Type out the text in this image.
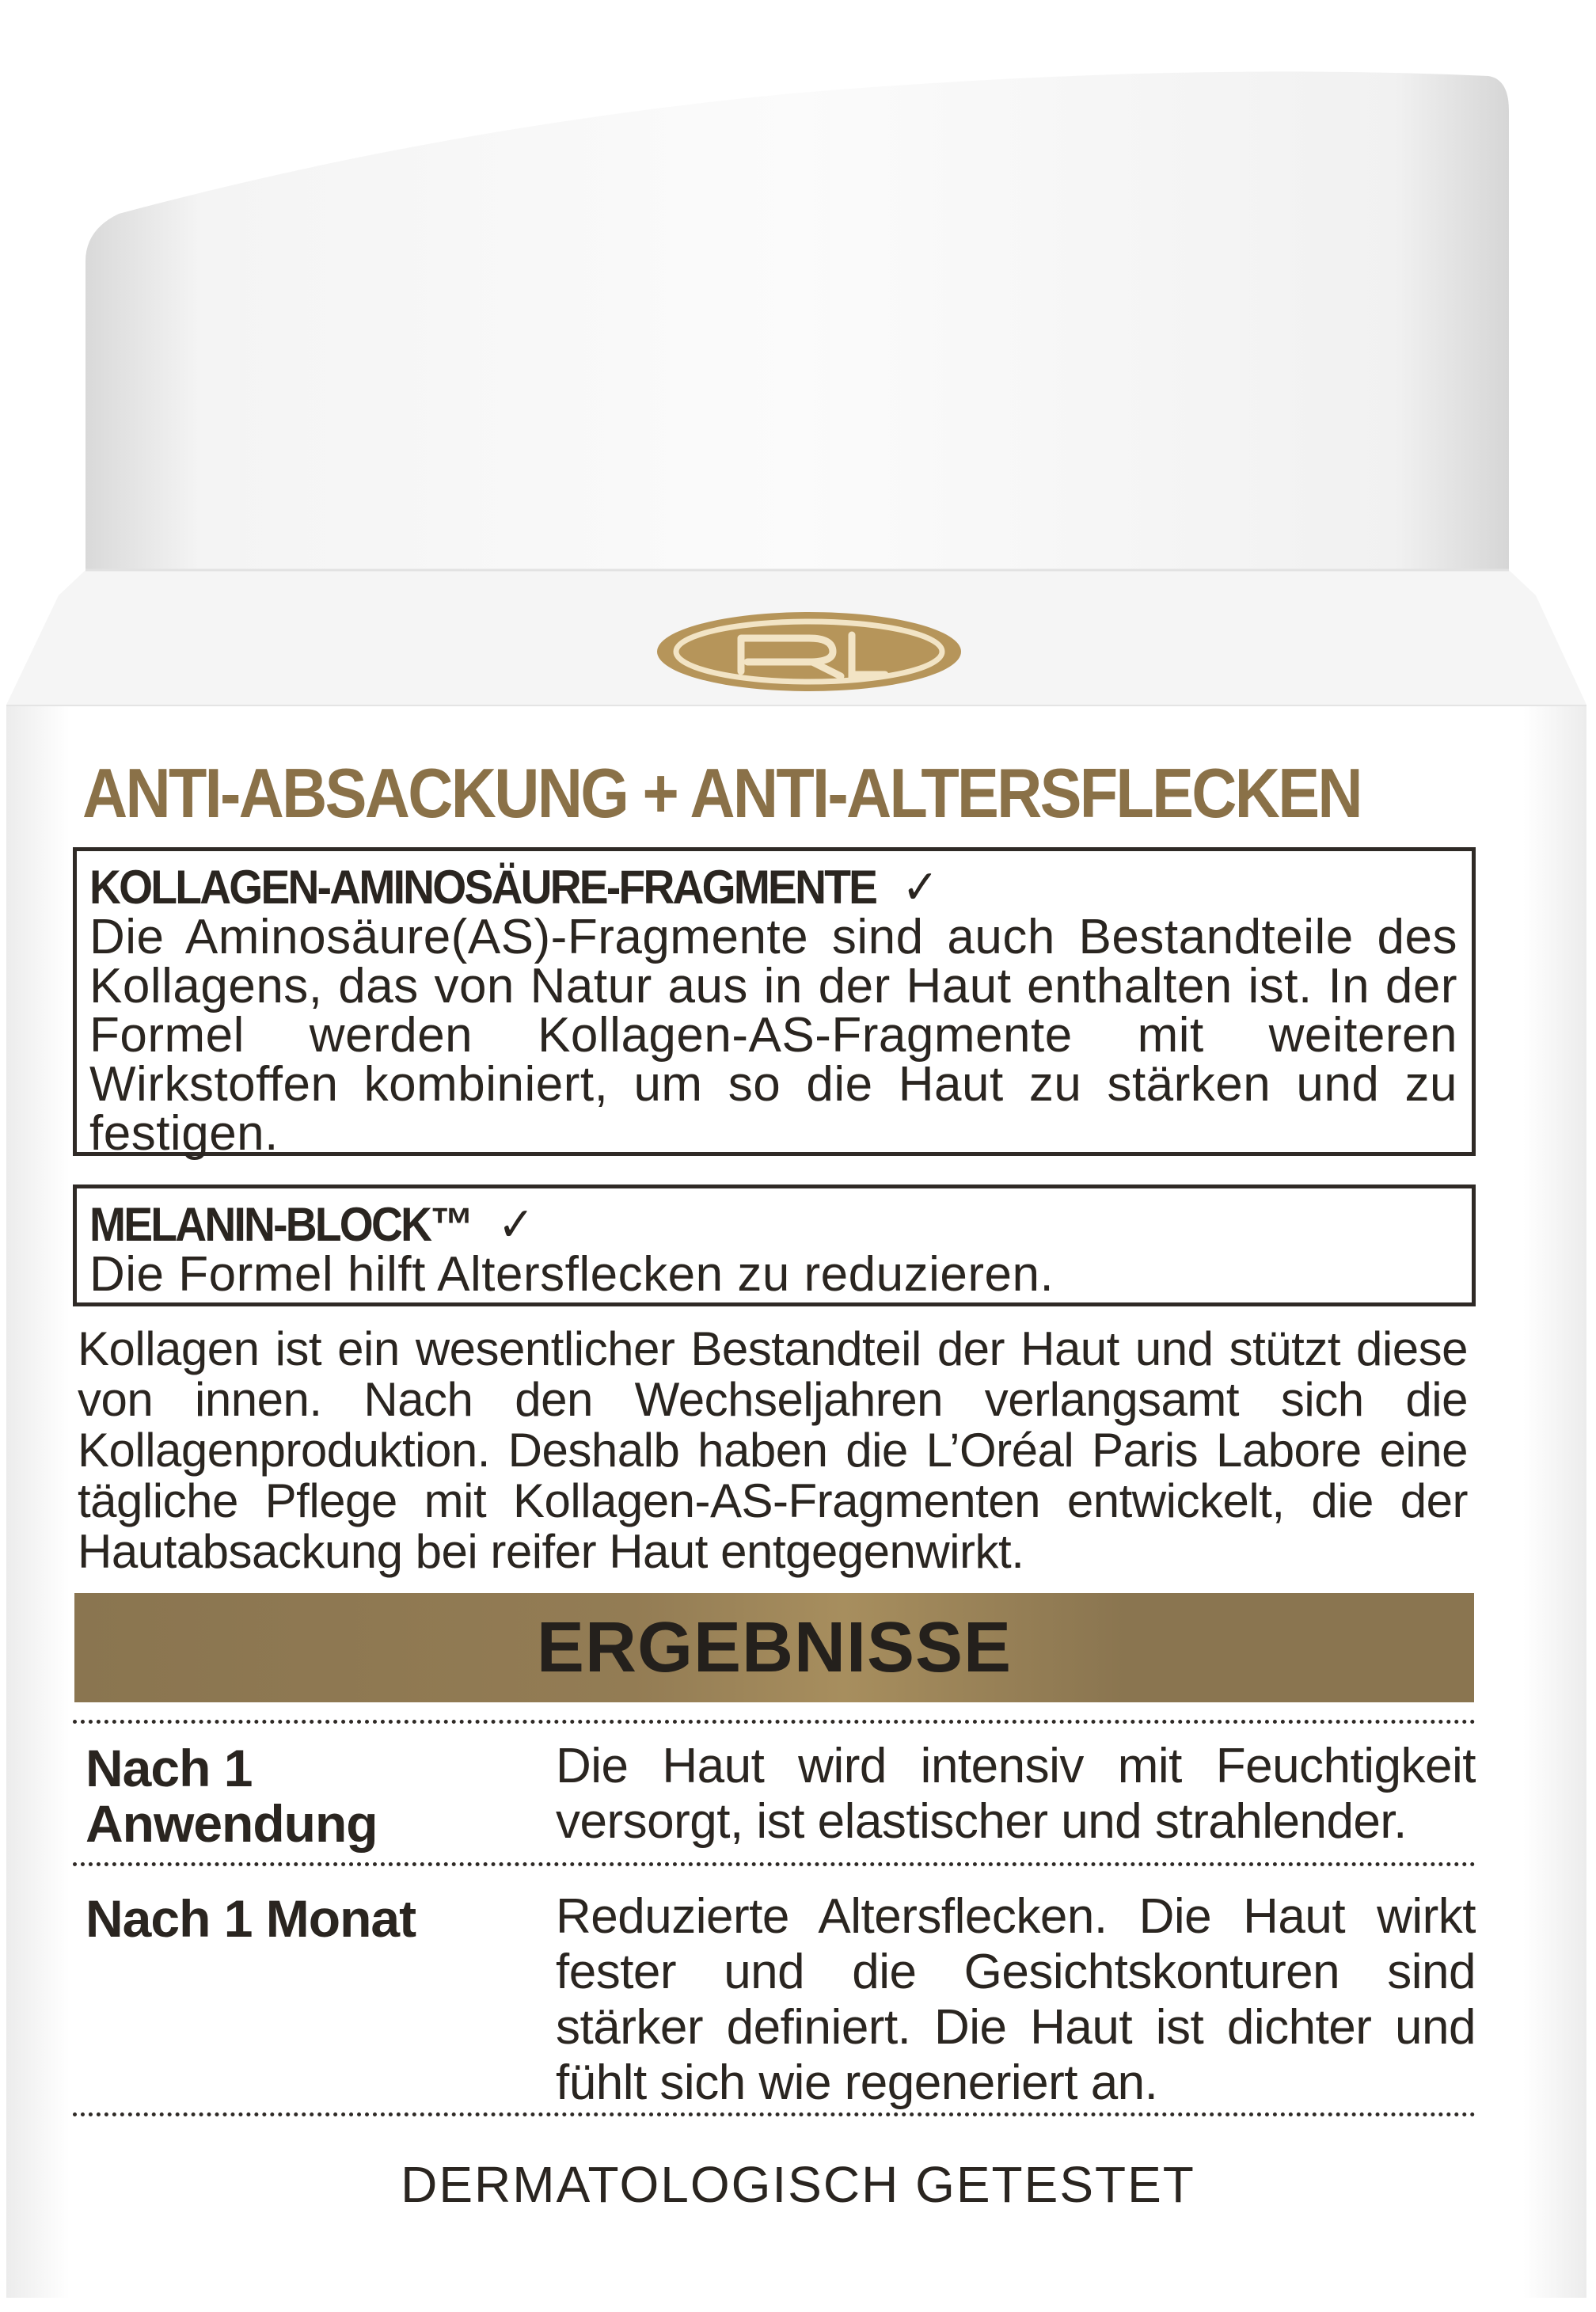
ANTI-ABSACKUNG + ANTI-ALTERSFLECKEN
KOLLAGEN-AMINOSÄURE-FRAGMENTE ✓
Die Aminosäure(AS)-Fragmente sind auch Bestandteile des Kollagens, das von Natur aus in der Haut enthalten ist. In der Formel werden Kollagen-AS-Fragmente mit weiteren Wirkstoffen kombiniert, um so die Haut zu stärken und zu festigen.
MELANIN-BLOCK™ ✓
Die Formel hilft Altersflecken zu reduzieren.
Kollagen ist ein wesentlicher Bestandteil der Haut und stützt diese von innen. Nach den Wechseljahren verlangsamt sich die Kollagenproduktion. Deshalb haben die L’Oréal Paris Labore eine tägliche Pflege mit Kollagen-AS-Fragmenten entwickelt, die der Hautabsackung bei reifer Haut entgegenwirkt.
ERGEBNISSE
Nach 1 Anwendung
Die Haut wird intensiv mit Feuchtigkeit versorgt, ist elastischer und strahlender.
Nach 1 Monat	Reduzierte Altersflecken. Die Haut wirkt fester und die Gesichtskonturen sind stärker definiert. Die Haut ist dichter und fühlt sich wie regeneriert an.
DERMATOLOGISCH GETESTET
